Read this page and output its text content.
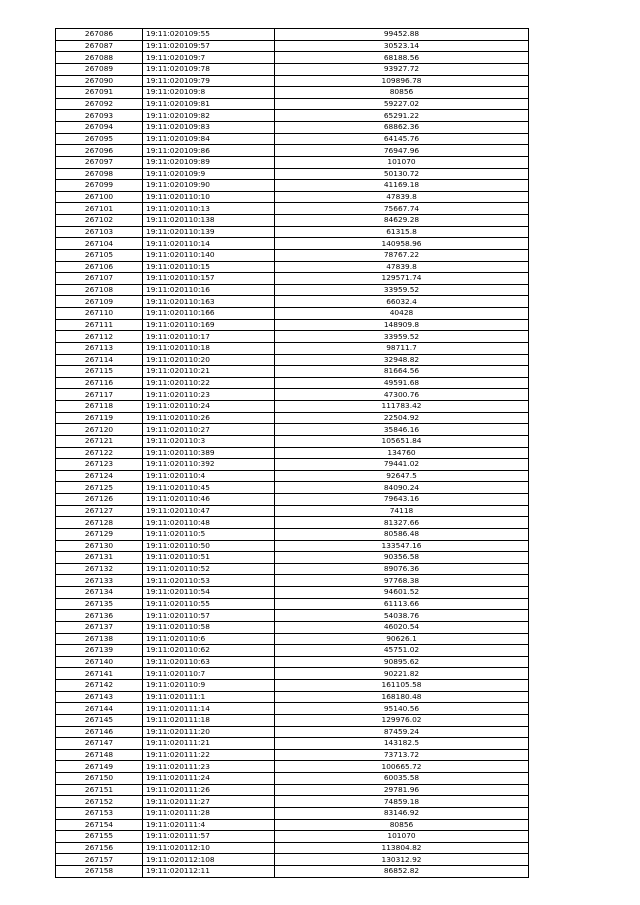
267086	19:11:020109:55	99452.88
267087	19:11:020109:57	30523.14
267088	19:11:020109:7	68188.56
267089	19:11:020109:78	93927.72
267090	19:11:020109:79	109896.78
267091	19:11:020109:8	80856
267092	19:11:020109:81	59227.02
267093	19:11:020109:82	65291.22
267094	19:11:020109:83	68862.36
267095	19:11:020109:84	64145.76
267096	19:11:020109:86	76947.96
267097	19:11:020109:89	101070
267098	19:11:020109:9	50130.72
267099	19:11:020109:90	41169.18
267100	19:11:020110:10	47839.8
267101	19:11:020110:13	75667.74
267102	19:11:020110:138	84629.28
267103	19:11:020110:139	61315.8
267104	19:11:020110:14	140958.96
267105	19:11:020110:140	78767.22
267106	19:11:020110:15	47839.8
267107	19:11:020110:157	129571.74
267108	19:11:020110:16	33959.52
267109	19:11:020110:163	66032.4
267110	19:11:020110:166	40428
267111	19:11:020110:169	148909.8
267112	19:11:020110:17	33959.52
267113	19:11:020110:18	98711.7
267114	19:11:020110:20	32948.82
267115	19:11:020110:21	81664.56
267116	19:11:020110:22	49591.68
267117	19:11:020110:23	47300.76
267118	19:11:020110:24	111783.42
267119	19:11:020110:26	22504.92
267120	19:11:020110:27	35846.16
267121	19:11:020110:3	105651.84
267122	19:11:020110:389	134760
267123	19:11:020110:392	79441.02
267124	19:11:020110:4	92647.5
267125	19:11:020110:45	84090.24
267126	19:11:020110:46	79643.16
267127	19:11:020110:47	74118
267128	19:11:020110:48	81327.66
267129	19:11:020110:5	80586.48
267130	19:11:020110:50	133547.16
267131	19:11:020110:51	90356.58
267132	19:11:020110:52	89076.36
267133	19:11:020110:53	97768.38
267134	19:11:020110:54	94601.52
267135	19:11:020110:55	61113.66
267136	19:11:020110:57	54038.76
267137	19:11:020110:58	46020.54
267138	19:11:020110:6	90626.1
267139	19:11:020110:62	45751.02
267140	19:11:020110:63	90895.62
267141	19:11:020110:7	90221.82
267142	19:11:020110:9	161105.58
267143	19:11:020111:1	168180.48
267144	19:11:020111:14	95140.56
267145	19:11:020111:18	129976.02
267146	19:11:020111:20	87459.24
267147	19:11:020111:21	143182.5
267148	19:11:020111:22	73713.72
267149	19:11:020111:23	100665.72
267150	19:11:020111:24	60035.58
267151	19:11:020111:26	29781.96
267152	19:11:020111:27	74859.18
267153	19:11:020111:28	83146.92
267154	19:11:020111:4	80856
267155	19:11:020111:57	101070
267156	19:11:020112:10	113804.82
267157	19:11:020112:108	130312.92
267158	19:11:020112:11	86852.82
